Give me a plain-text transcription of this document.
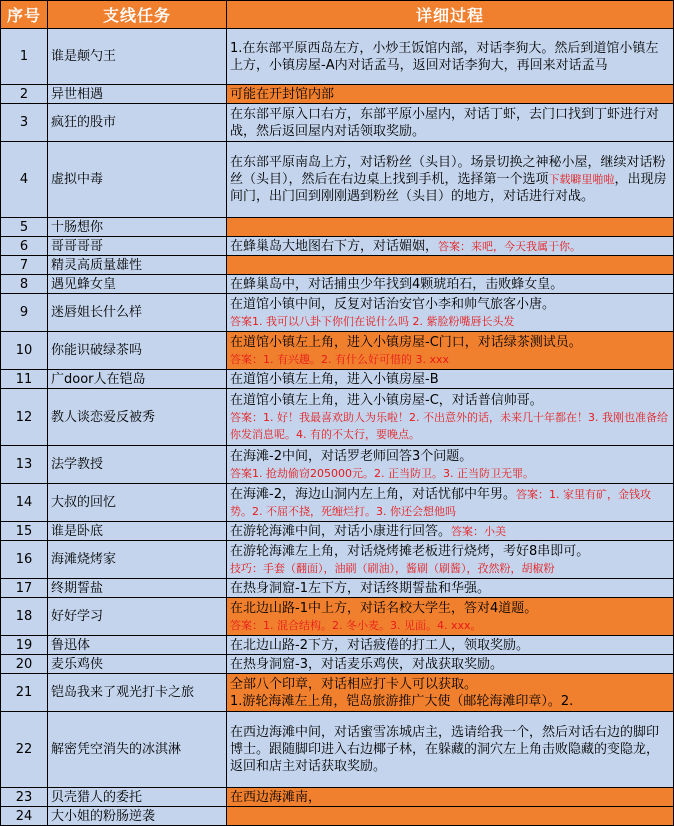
序号	支线任务	详细过程
1	谁是颠勺王	1.在东部平原西岛左方，小炒王饭馆内部，对话李狗大。然后到道馆小镇左上方，小镇房屋-A内对话孟马，返回对话李狗大，再回来对话孟马
2	异世相遇	可能在开封馆内部
3	疯狂的股市	在东部平原入口右方，东部平原小屋内，对话丁虾，去门口找到丁虾进行对战，然后返回屋内对话领取奖励。
4	虚拟中毒	在东部平原南岛上方，对话粉丝（头目）。场景切换之神秘小屋，继续对话粉丝（头目），然后在右边桌上找到手机，选择第一个选项下载噼里啪啦，出现房间门，出门回到刚刚遇到粉丝（头目）的地方，对话进行对战。
5	十肠想你	
6	哥哥哥哥	在蜂巢岛大地图右下方，对话媚姻，答案：来吧，今天我属于你。
7	精灵高质量雄性	
8	遇见蜂女皇	在蜂巢岛中，对话捕虫少年找到4颗琥珀石，击败蜂女皇。
9	迷唇姐长什么样	在道馆小镇中间，反复对话治安官小李和帅气旅客小唐。
答案1. 我可以八卦下你们在说什么吗 2. 紫脸粉嘴唇长头发
10	你能识破绿茶吗	在道馆小镇左上角，进入小镇房屋-C门口，对话绿茶测试员。
答案：1. 有兴趣。2. 有什么好可惜的 3. xxx
11	广door人在铠岛	在道馆小镇左上角，进入小镇房屋-B
12	教人谈恋爱反被秀	在道馆小镇左上角，进入小镇房屋-C，对话普信帅哥。
答案：1. 好！我最喜欢助人为乐啦！2. 不出意外的话，未来几十年都在！3. 我刚也准备给你发消息呢。4. 有的不太行，要晚点。
13	法学教授	在海滩-2中间，对话罗老师回答3个问题。
答案1. 抢劫偷窃205000元。2. 正当防卫。3. 正当防卫无罪。
14	大叔的回忆	在海滩-2，海边山洞内左上角，对话忧郁中年男。答案：1. 家里有矿，金钱攻势。2. 不屈不挠，死缠烂打。3. 你还会想他吗
15	谁是卧底	在游轮海滩中间，对话小康进行回答。答案：小美
16	海滩烧烤家	在游轮海滩左上角，对话烧烤摊老板进行烧烤，考好8串即可。
技巧：手套（翻面），油刷（刷油），酱刷（刷酱），孜然粉，胡椒粉
17	终期誓盐	在热身洞窟-1左下方，对话终期誓盐和华强。
18	好好学习	在北边山路-1中上方，对话名校大学生，答对4道题。
答案：1. 混合结构。2. 冬小麦。3. 见面。4. xxx。
19	鲁迅体	在北边山路-2下方，对话疲倦的打工人，领取奖励。
20	麦乐鸡侠	在热身洞窟-3，对话麦乐鸡侠，对战获取奖励。
21	铠岛我来了观光打卡之旅	全部八个印章，对话相应打卡人可以获取。
1.游轮海滩左上角，铠岛旅游推广大使（邮轮海滩印章）。2.
22	解密凭空消失的冰淇淋	在西边海滩中间，对话蜜雪冻城店主，选请给我一个，然后对话右边的脚印博士。跟随脚印进入右边椰子林，在躲藏的洞穴左上角击败隐藏的变隐龙，返回和店主对话获取奖励。
23	贝壳猎人的委托	在西边海滩南，
24	大小姐的粉肠逆袭	
